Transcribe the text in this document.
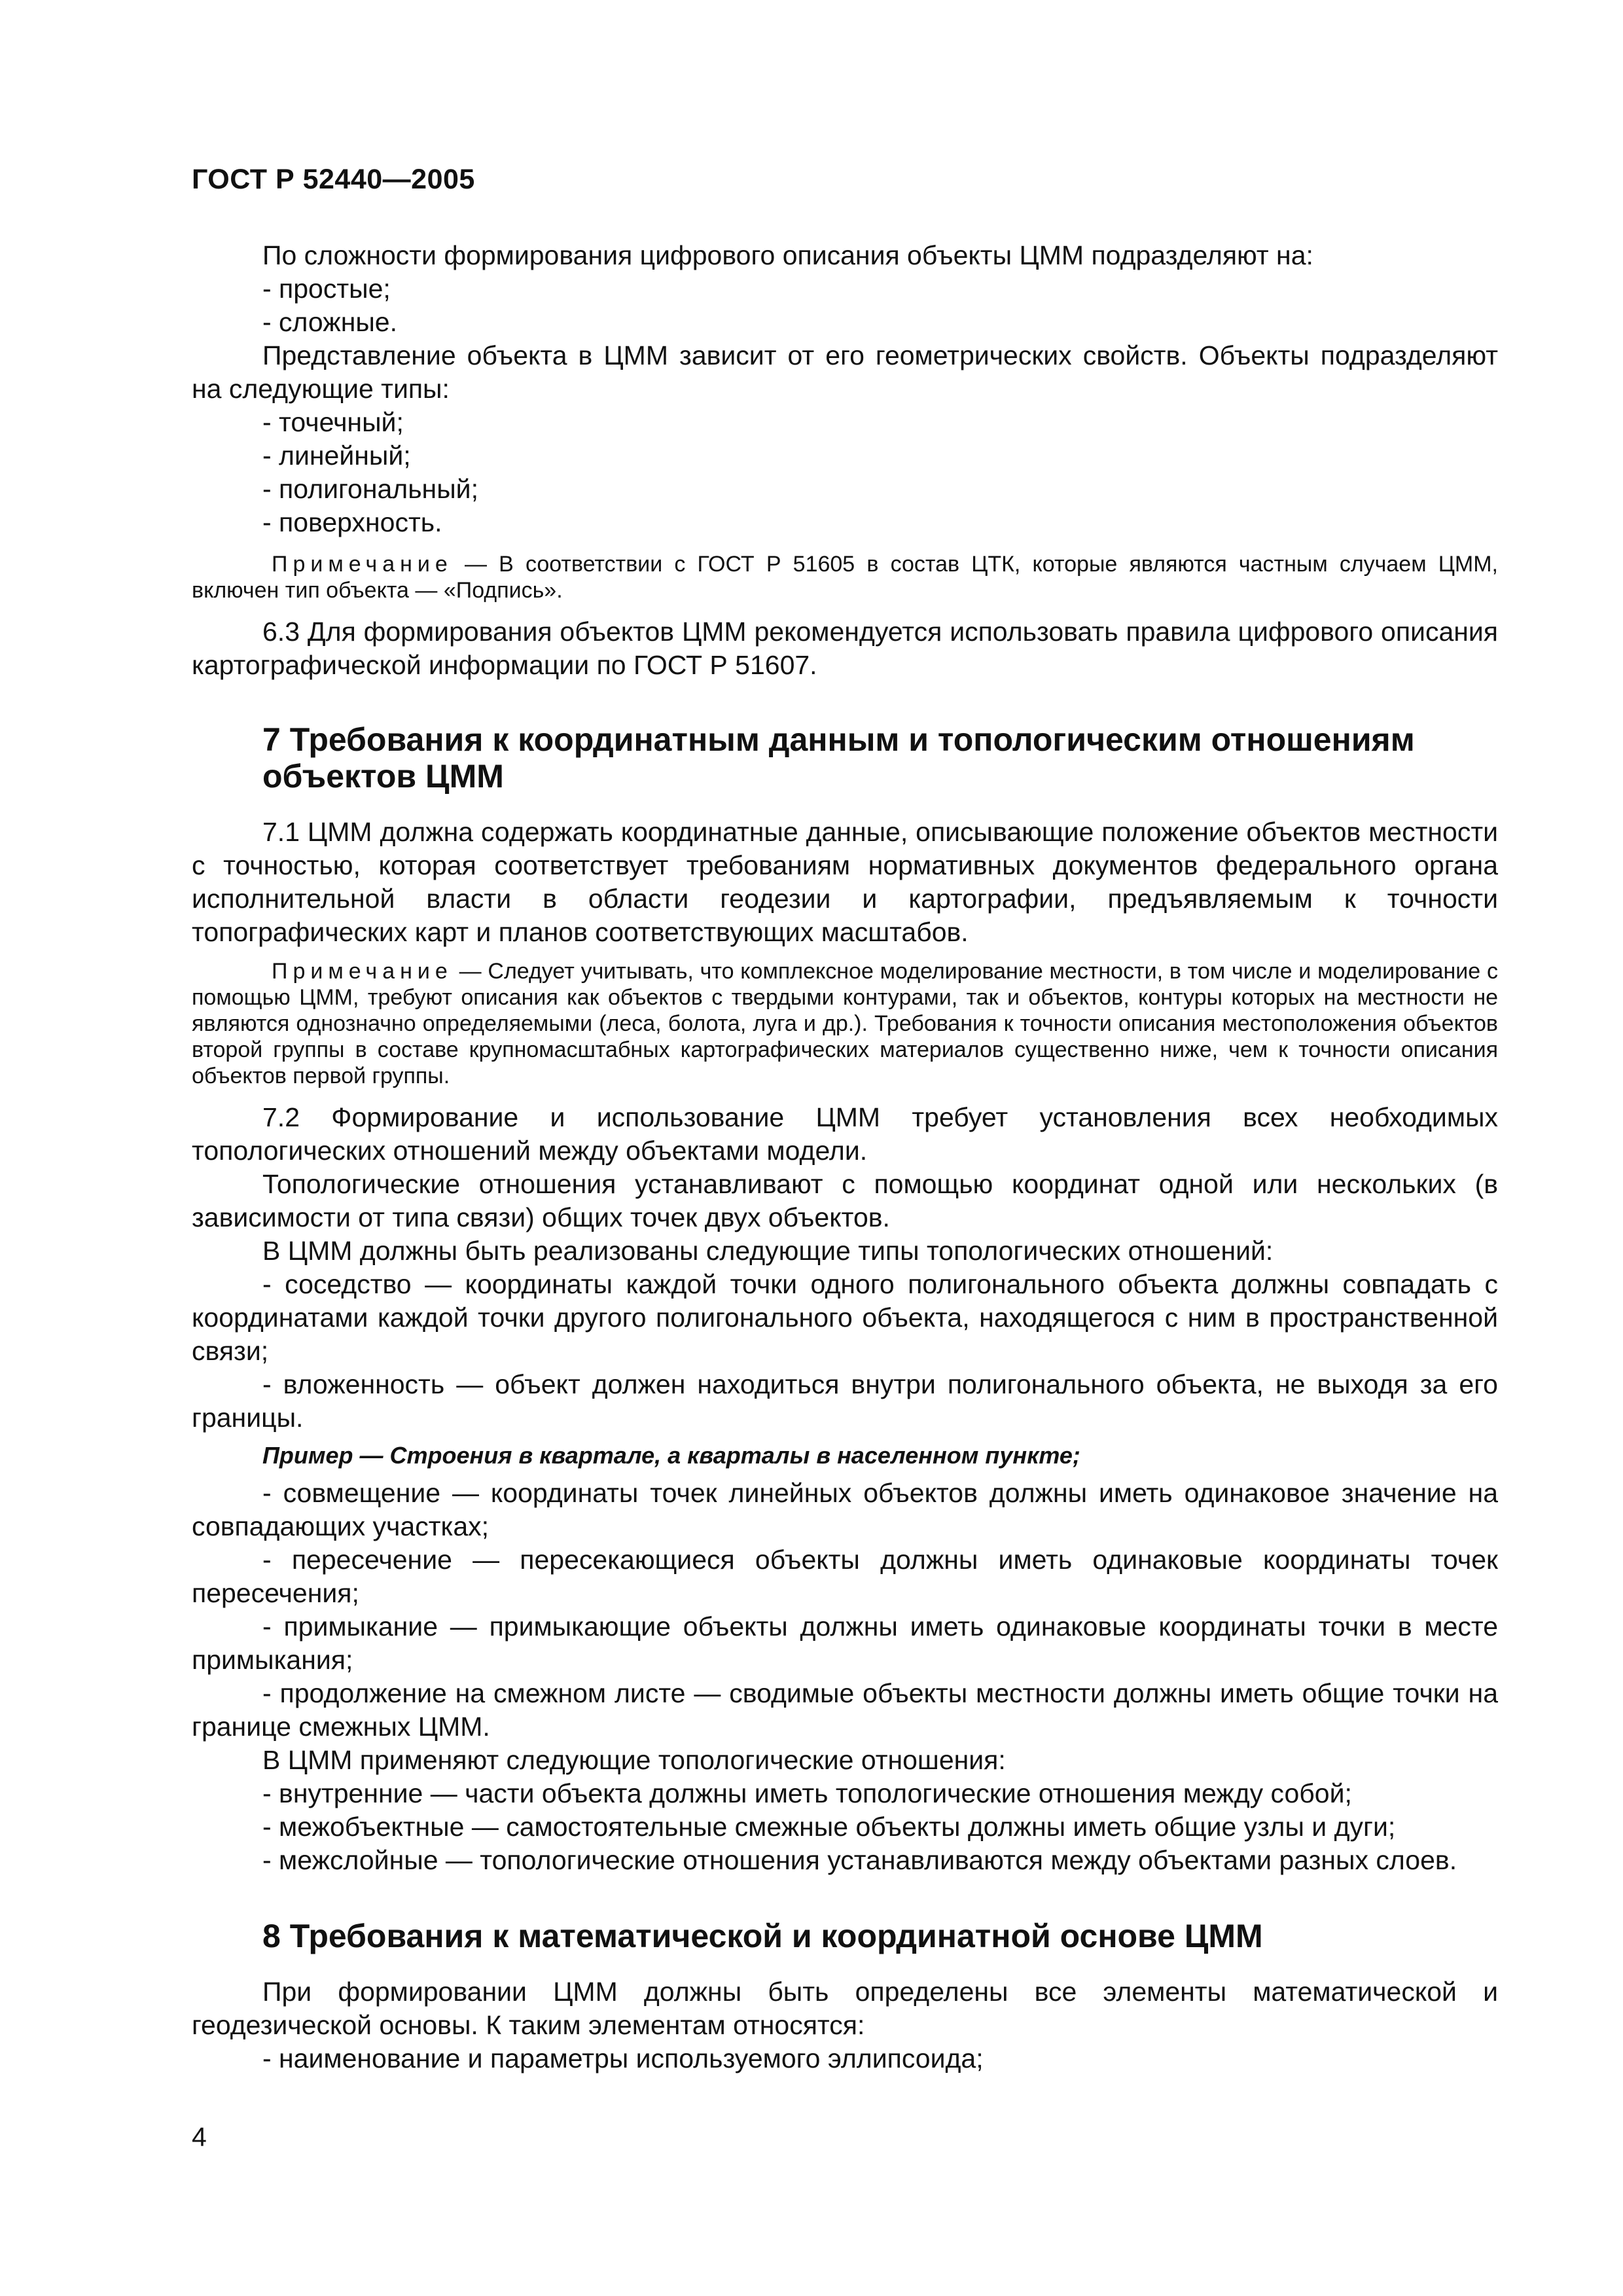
ГОСТ Р 52440—2005

По сложности формирования цифрового описания объекты ЦММ подразделяют на:

- простые;

- сложные.

Представление объекта в ЦММ зависит от его геометрических свойств. Объекты подразделяют на следующие типы:

- точечный;

- линейный;

- полигональный;

- поверхность.

Примечание — В соответствии с ГОСТ Р 51605 в состав ЦТК, которые являются частным случаем ЦММ, включен тип объекта — «Подпись».

6.3 Для формирования объектов ЦММ рекомендуется использовать правила цифрового описания картографической информации по ГОСТ Р 51607.

7 Требования к координатным данным и топологическим отношениям
объектов ЦММ

7.1 ЦММ должна содержать координатные данные, описывающие положение объектов местности с точностью, которая соответствует требованиям нормативных документов федерального органа исполнительной власти в области геодезии и картографии, предъявляемым к точности топографических карт и планов соответствующих масштабов.

Примечание — Следует учитывать, что комплексное моделирование местности, в том числе и моделирование с помощью ЦММ, требуют описания как объектов с твердыми контурами, так и объектов, контуры которых на местности не являются однозначно определяемыми (леса, болота, луга и др.). Требования к точности описания местоположения объектов второй группы в составе крупномасштабных картографических материалов существенно ниже, чем к точности описания объектов первой группы.

7.2 Формирование и использование ЦММ требует установления всех необходимых топологических отношений между объектами модели.

Топологические отношения устанавливают с помощью координат одной или нескольких (в зависимости от типа связи) общих точек двух объектов.

В ЦММ должны быть реализованы следующие типы топологических отношений:

- соседство — координаты каждой точки одного полигонального объекта должны совпадать с координатами каждой точки другого полигонального объекта, находящегося с ним в пространственной связи;

- вложенность — объект должен находиться внутри полигонального объекта, не выходя за его границы.

Пример — Строения в квартале, а кварталы в населенном пункте;

- совмещение — координаты точек линейных объектов должны иметь одинаковое значение на совпадающих участках;

- пересечение — пересекающиеся объекты должны иметь одинаковые координаты точек пересечения;

- примыкание — примыкающие объекты должны иметь одинаковые координаты точки в месте примыкания;

- продолжение на смежном листе — сводимые объекты местности должны иметь общие точки на границе смежных ЦММ.

В ЦММ применяют следующие топологические отношения:

- внутренние — части объекта должны иметь топологические отношения между собой;

- межобъектные — самостоятельные смежные объекты должны иметь общие узлы и дуги;

- межслойные — топологические отношения устанавливаются между объектами разных слоев.

8 Требования к математической и координатной основе ЦММ

При формировании ЦММ должны быть определены все элементы математической и геодезической основы. К таким элементам относятся:

- наименование и параметры используемого эллипсоида;

4
